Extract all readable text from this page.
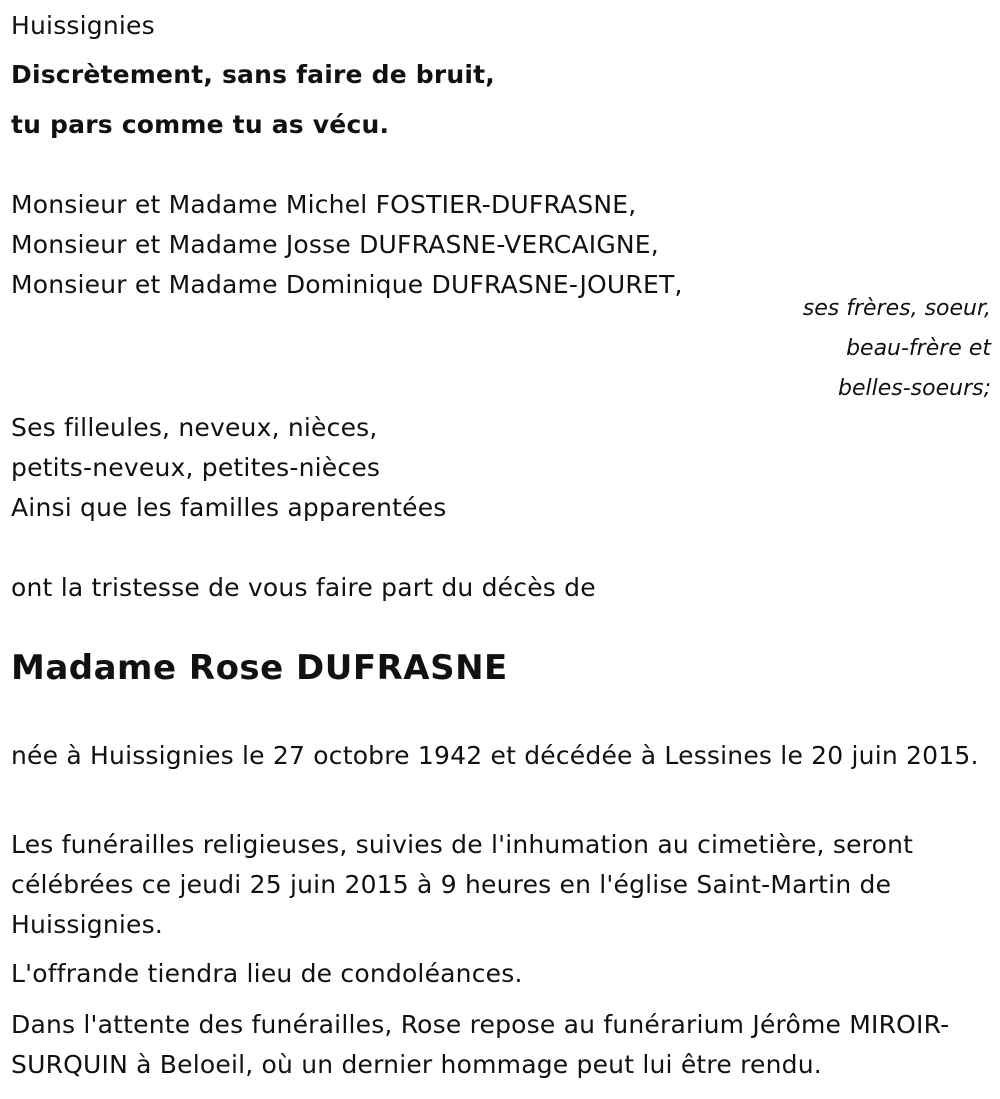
Huissignies
Discrètement, sans faire de bruit,
tu pars comme tu as vécu.
Monsieur et Madame Michel FOSTIER-DUFRASNE,
Monsieur et Madame Josse DUFRASNE-VERCAIGNE,
Monsieur et Madame Dominique DUFRASNE-JOURET,
ses frères, soeur,
beau-frère et
belles-soeurs;
Ses filleules, neveux, nièces,
petits-neveux, petites-nièces
Ainsi que les familles apparentées
ont la tristesse de vous faire part du décès de
Madame Rose DUFRASNE
née à Huissignies le 27 octobre 1942 et décédée à Lessines le 20 juin 2015.
Les funérailles religieuses, suivies de l'inhumation au cimetière, seront célébrées ce jeudi 25 juin 2015 à 9 heures en l'église Saint-Martin de Huissignies.
L'offrande tiendra lieu de condoléances.
Dans l'attente des funérailles, Rose repose au funérarium Jérôme MIROIR-SURQUIN à Beloeil, où un dernier hommage peut lui être rendu.
